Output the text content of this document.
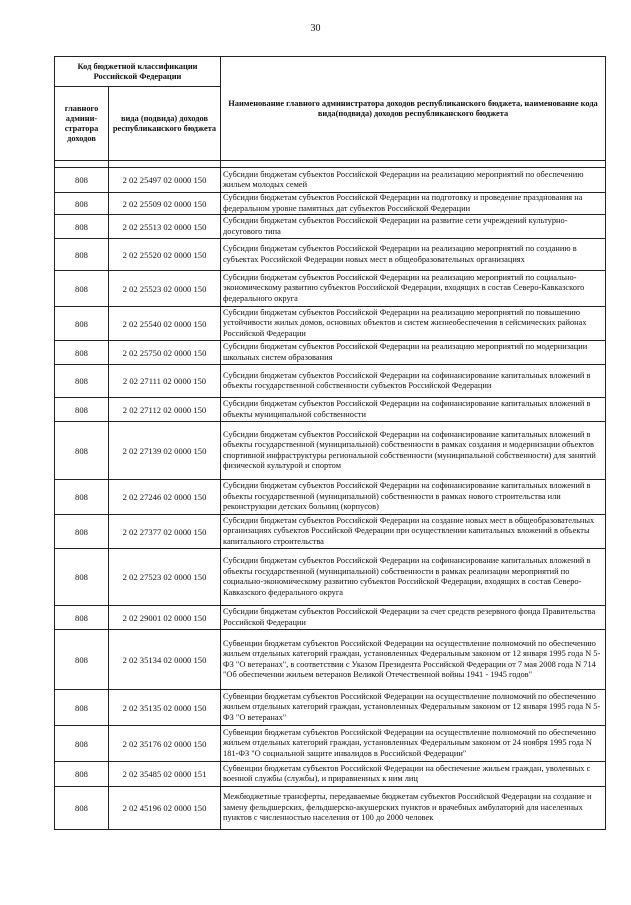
30
Код бюджетной классификации Российской Федерации		Наименование главного администратора доходов республиканского бюджета, наименование кода вида(подвида) доходов республиканского бюджета
главного админи-стратора доходов	вида (подвида) доходов республиканского бюджета	

808	2 02 25497 02 0000 150	Субсидии бюджетам субъектов Российской Федерации на реализацию мероприятий по обеспечению жильем молодых семей
808	2 02 25509 02 0000 150	Субсидии бюджетам субъектов Российской Федерации на подготовку и проведение празднования на федеральном уровне памятных дат субъектов Российской Федерации
808	2 02 25513 02 0000 150	Субсидии бюджетам субъектов Российской Федерации на развитие сети учреждений культурно-досугового типа
808	2 02 25520 02 0000 150	Субсидии бюджетам субъектов Российской Федерации на реализацию мероприятий по созданию в субъектах Российской Федерации новых мест в общеобразовательных организациях
808	2 02 25523 02 0000 150	Субсидии бюджетам субъектов Российской Федерации на реализацию мероприятий по социально-экономическому развитию субъектов Российской Федерации, входящих в состав Северо-Кавказского федерального округа
808	2 02 25540 02 0000 150	Субсидии бюджетам субъектов Российской Федерации на реализацию мероприятий по повышению устойчивости жилых домов, основных объектов и систем жизнеобеспечения в сейсмических районах Российской Федерации
808	2 02 25750 02 0000 150	Субсидии бюджетам субъектов Российской Федерации на реализацию мероприятий по модернизации школьных систем образования
808	2 02 27111 02 0000 150	Субсидии бюджетам субъектов Российской Федерации на софинансирование капитальных вложений в объекты государственной собственности субъектов Российской Федерации
808	2 02 27112 02 0000 150	Субсидии бюджетам субъектов Российской Федерации на софинансирование капитальных вложений в объекты муниципальной собственности
808	2 02 27139 02 0000 150	Субсидии бюджетам субъектов Российской Федерации на софинансирование капитальных вложений в объекты государственной (муниципальной) собственности в рамках создания и модернизации объектов спортивной инфраструктуры региональной собственности (муниципальной собственности) для занятий физической культурой и спортом
808	2 02 27246 02 0000 150	Субсидии бюджетам субъектов Российской Федерации на софинансирование капитальных вложений в объекты государственной (муниципальной) собственности в рамках нового строительства или реконструкции детских больниц (корпусов)
808	2 02 27377 02 0000 150	Субсидии бюджетам субъектов Российской Федерации на создание новых мест в общеобразовательных организациях субъектов Российской Федерации при осуществлении капитальных вложений в объекты капитального строительства
808	2 02 27523 02 0000 150	Субсидии бюджетам субъектов Российской Федерации на софинансирование капитальных вложений в объекты государственной (муниципальной) собственности в рамках реализации мероприятий по социально-экономическому развитию субъектов Российской Федерации, входящих в состав Северо-Кавказского федерального округа
808	2 02 29001 02 0000 150	Субсидии бюджетам субъектов Российской Федерации за счет средств резервного фонда Правительства Российской Федерации
808	2 02 35134 02 0000 150	Субвенции бюджетам субъектов Российской Федерации на осуществление полномочий по обеспечению жильем отдельных категорий граждан, установленных Федеральным законом от 12 января 1995 года N 5-ФЗ "О ветеранах", в соответствии с Указом Президента Российской Федерации от 7 мая 2008 года N 714 "Об обеспечении жильем ветеранов Великой Отечественной войны 1941 - 1945 годов"
808	2 02 35135 02 0000 150	Субвенции бюджетам субъектов Российской Федерации на осуществление полномочий по обеспечению жильем отдельных категорий граждан, установленных Федеральным законом от 12 января 1995 года N 5-ФЗ "О ветеранах"
808	2 02 35176 02 0000 150	Субвенции бюджетам субъектов Российской Федерации на осуществление полномочий по обеспечению жильем отдельных категорий граждан, установленных Федеральным законом от 24 ноября 1995 года N 181-ФЗ "О социальной защите инвалидов в Российской Федерации"
808	2 02 35485 02 0000 151	Субвенции бюджетам субъектов Российской Федерации на обеспечение жильем граждан, уволенных с военной службы (службы), и приравненных к ним лиц
808	2 02 45196 02 0000 150	Межбюджетные трансферты, передаваемые бюджетам субъектов Российской Федерации на создание и замену фельдшерских, фельдшерско-акушерских пунктов и врачебных амбулаторий для населенных пунктов с численностью населения от 100 до 2000 человек
